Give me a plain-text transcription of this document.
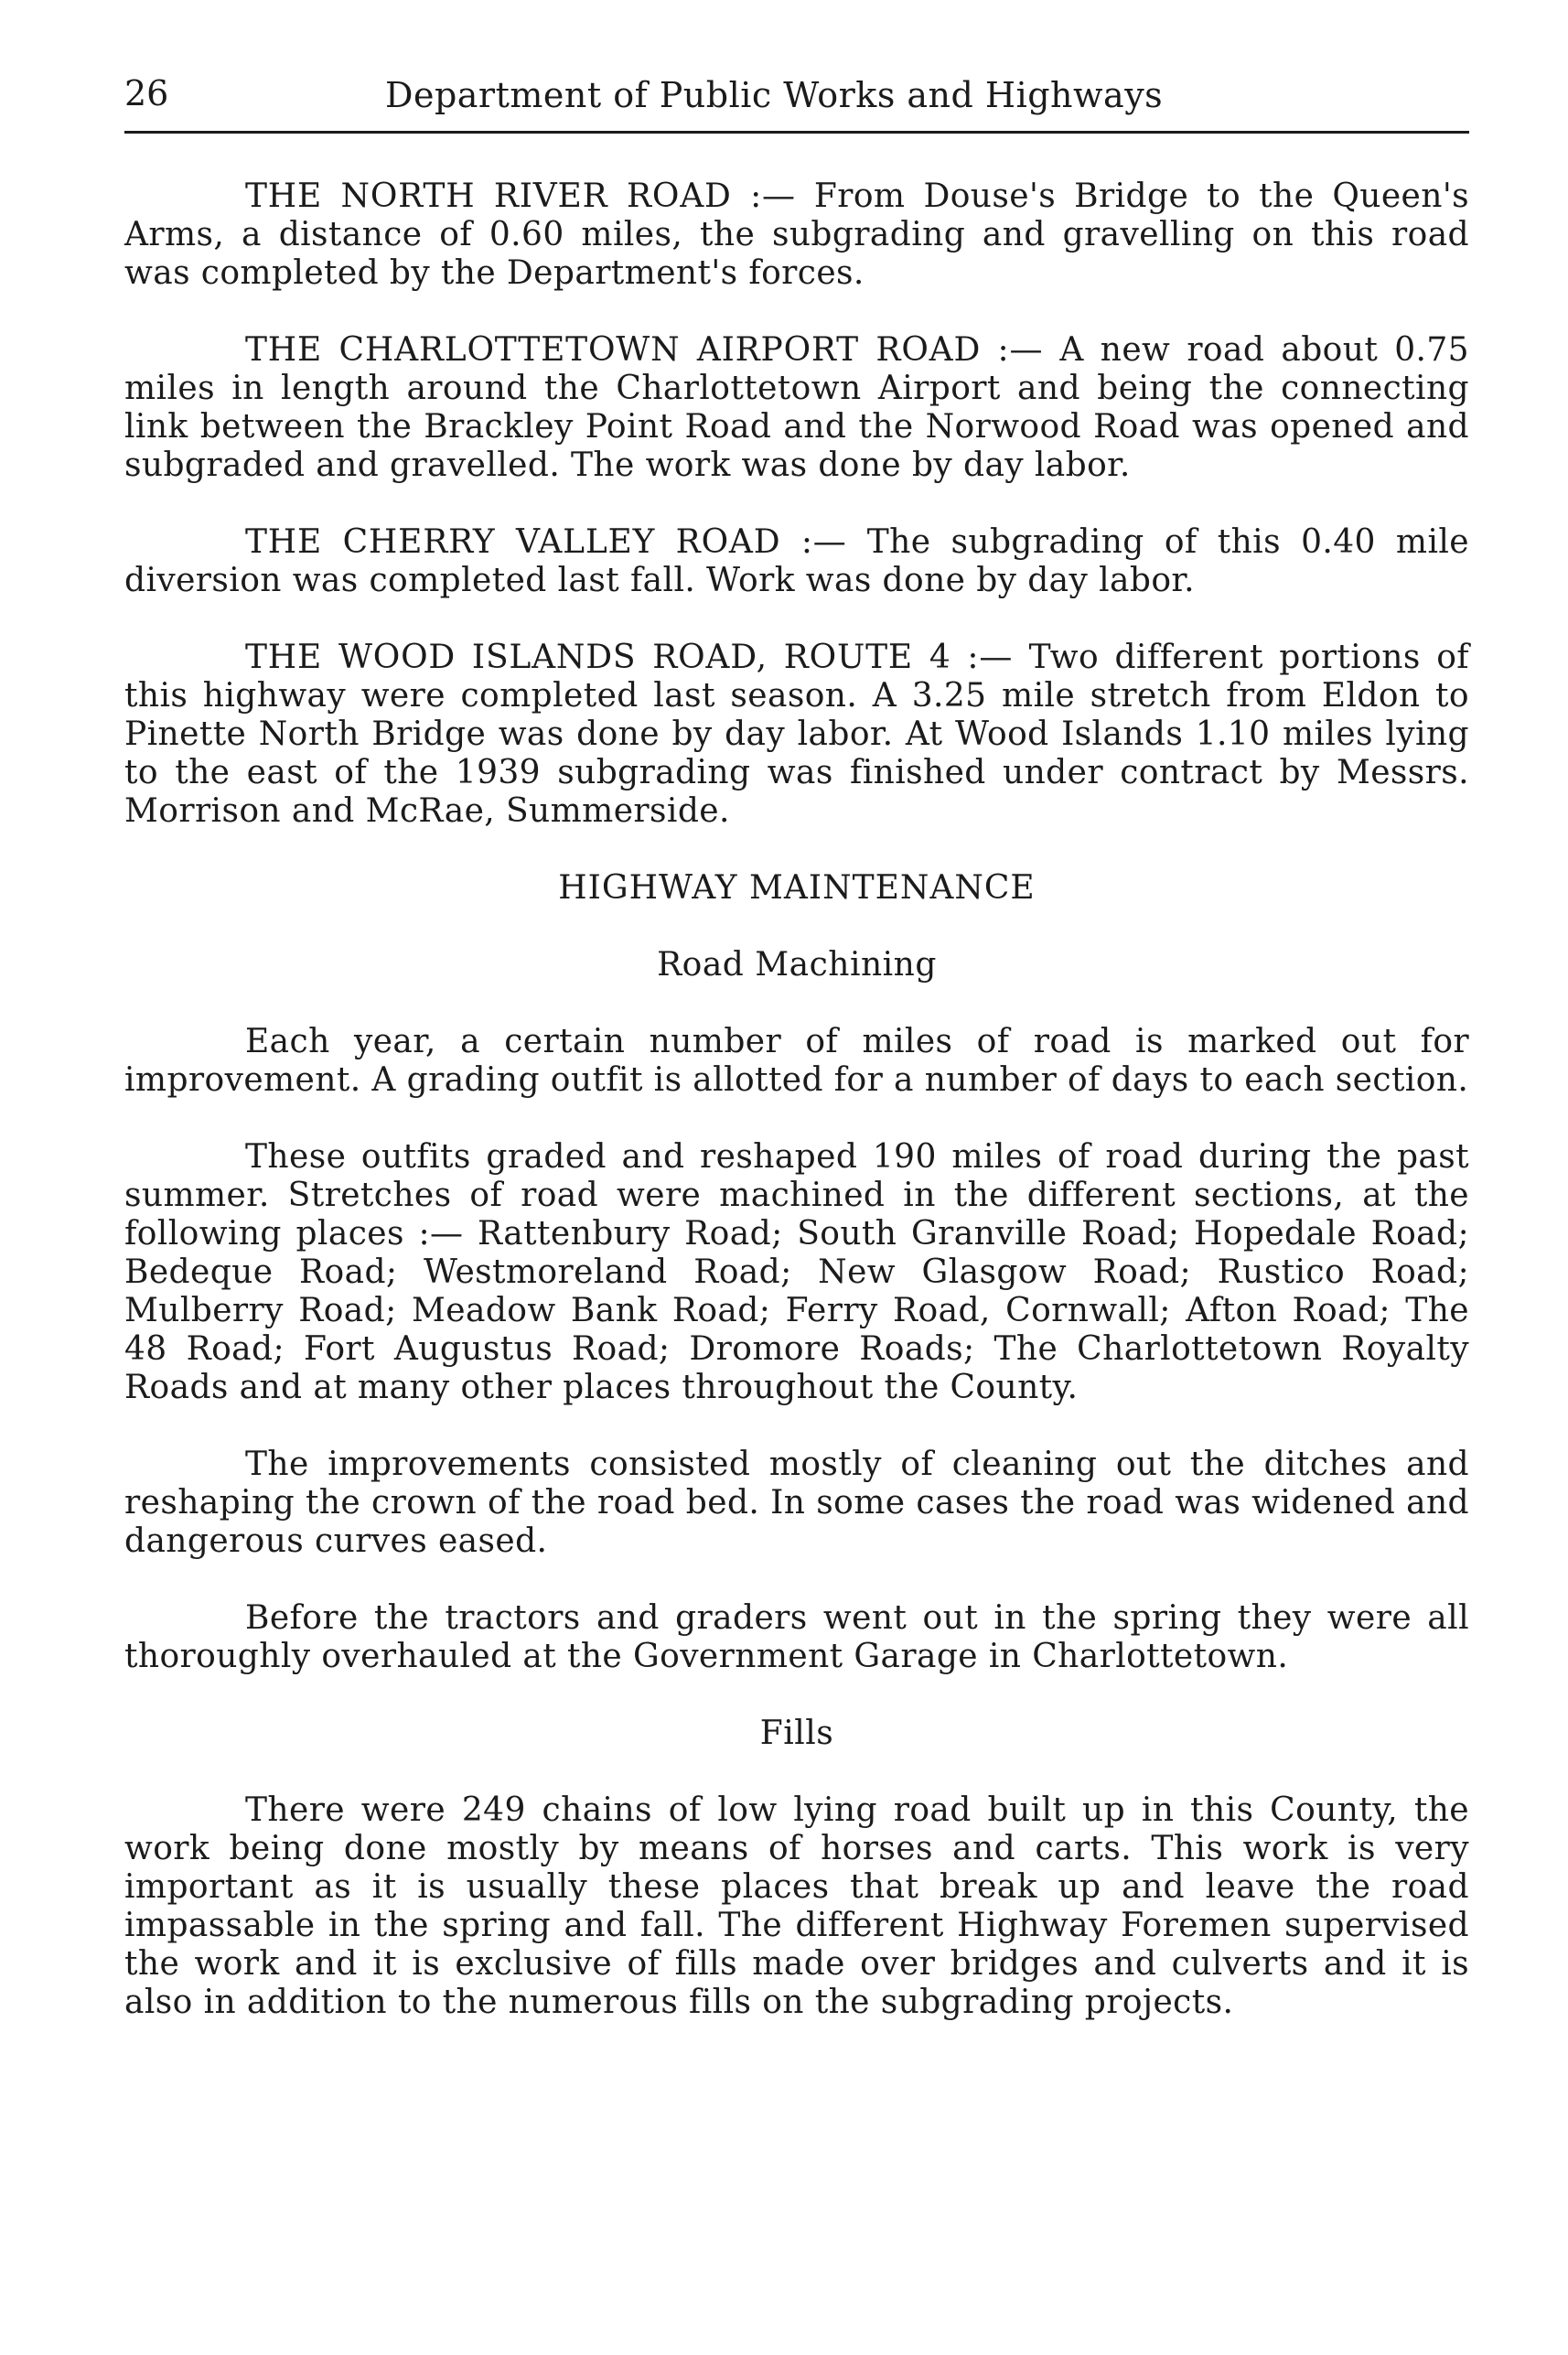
26	Department of Public Works and Highways

THE NORTH RIVER ROAD :— From Douse's Bridge to the Queen's Arms, a distance of 0.60 miles, the subgrading and gravelling on this road was completed by the Department's forces.

THE CHARLOTTETOWN AIRPORT ROAD :— A new road about 0.75 miles in length around the Charlottetown Airport and being the connecting link between the Brackley Point Road and the Norwood Road was opened and subgraded and gravelled. The work was done by day labor.

THE CHERRY VALLEY ROAD :— The subgrading of this 0.40 mile diversion was completed last fall. Work was done by day labor.

THE WOOD ISLANDS ROAD, ROUTE 4 :— Two different portions of this highway were completed last season. A 3.25 mile stretch from Eldon to Pinette North Bridge was done by day labor. At Wood Islands 1.10 miles lying to the east of the 1939 subgrading was finished under contract by Messrs. Morrison and McRae, Summerside.

HIGHWAY MAINTENANCE
Road Machining

Each year, a certain number of miles of road is marked out for improvement. A grading outfit is allotted for a number of days to each section.

These outfits graded and reshaped 190 miles of road during the past summer. Stretches of road were machined in the different sections, at the following places :— Rattenbury Road; South Granville Road; Hopedale Road; Bedeque Road; Westmoreland Road; New Glasgow Road; Rustico Road; Mulberry Road; Meadow Bank Road; Ferry Road, Cornwall; Afton Road; The 48 Road; Fort Augustus Road; Dromore Roads; The Charlottetown Royalty Roads and at many other places throughout the County.

The improvements consisted mostly of cleaning out the ditches and reshaping the crown of the road bed. In some cases the road was widened and dangerous curves eased.

Before the tractors and graders went out in the spring they were all thoroughly overhauled at the Government Garage in Charlottetown.

Fills

There were 249 chains of low lying road built up in this County, the work being done mostly by means of horses and carts. This work is very important as it is usually these places that break up and leave the road impassable in the spring and fall. The different Highway Foremen supervised the work and it is exclusive of fills made over bridges and culverts and it is also in addition to the numerous fills on the subgrading projects.
